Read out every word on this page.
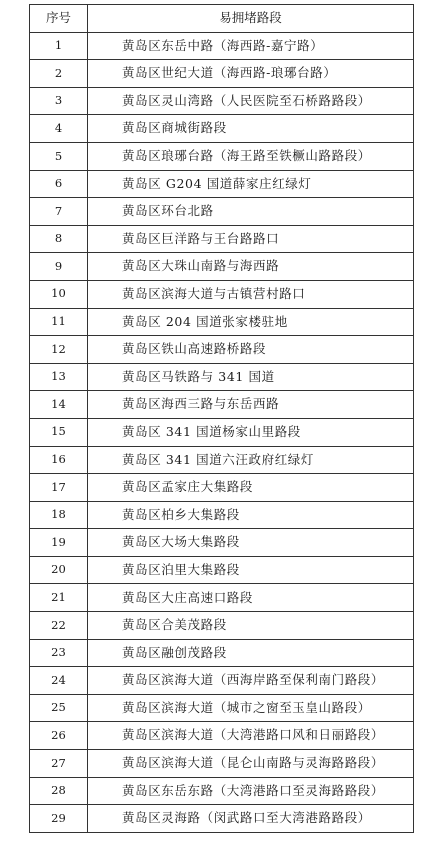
序号	易拥堵路段
1	黄岛区东岳中路（海西路-嘉宁路）
2	黄岛区世纪大道（海西路-琅琊台路）
3	黄岛区灵山湾路（人民医院至石桥路路段）
4	黄岛区商城街路段
5	黄岛区琅琊台路（海王路至铁橛山路路段）
6	黄岛区 G204 国道薛家庄红绿灯
7	黄岛区环台北路
8	黄岛区巨洋路与王台路路口
9	黄岛区大珠山南路与海西路
10	黄岛区滨海大道与古镇营村路口
11	黄岛区 204 国道张家楼驻地
12	黄岛区铁山高速路桥路段
13	黄岛区马铁路与 341 国道
14	黄岛区海西三路与东岳西路
15	黄岛区 341 国道杨家山里路段
16	黄岛区 341 国道六汪政府红绿灯
17	黄岛区孟家庄大集路段
18	黄岛区柏乡大集路段
19	黄岛区大场大集路段
20	黄岛区泊里大集路段
21	黄岛区大庄高速口路段
22	黄岛区合美茂路段
23	黄岛区融创茂路段
24	黄岛区滨海大道（西海岸路至保利南门路段）
25	黄岛区滨海大道（城市之窗至玉皇山路段）
26	黄岛区滨海大道（大湾港路口风和日丽路段）
27	黄岛区滨海大道（昆仑山南路与灵海路路段）
28	黄岛区东岳东路（大湾港路口至灵海路路段）
29	黄岛区灵海路（闵武路口至大湾港路路段）
